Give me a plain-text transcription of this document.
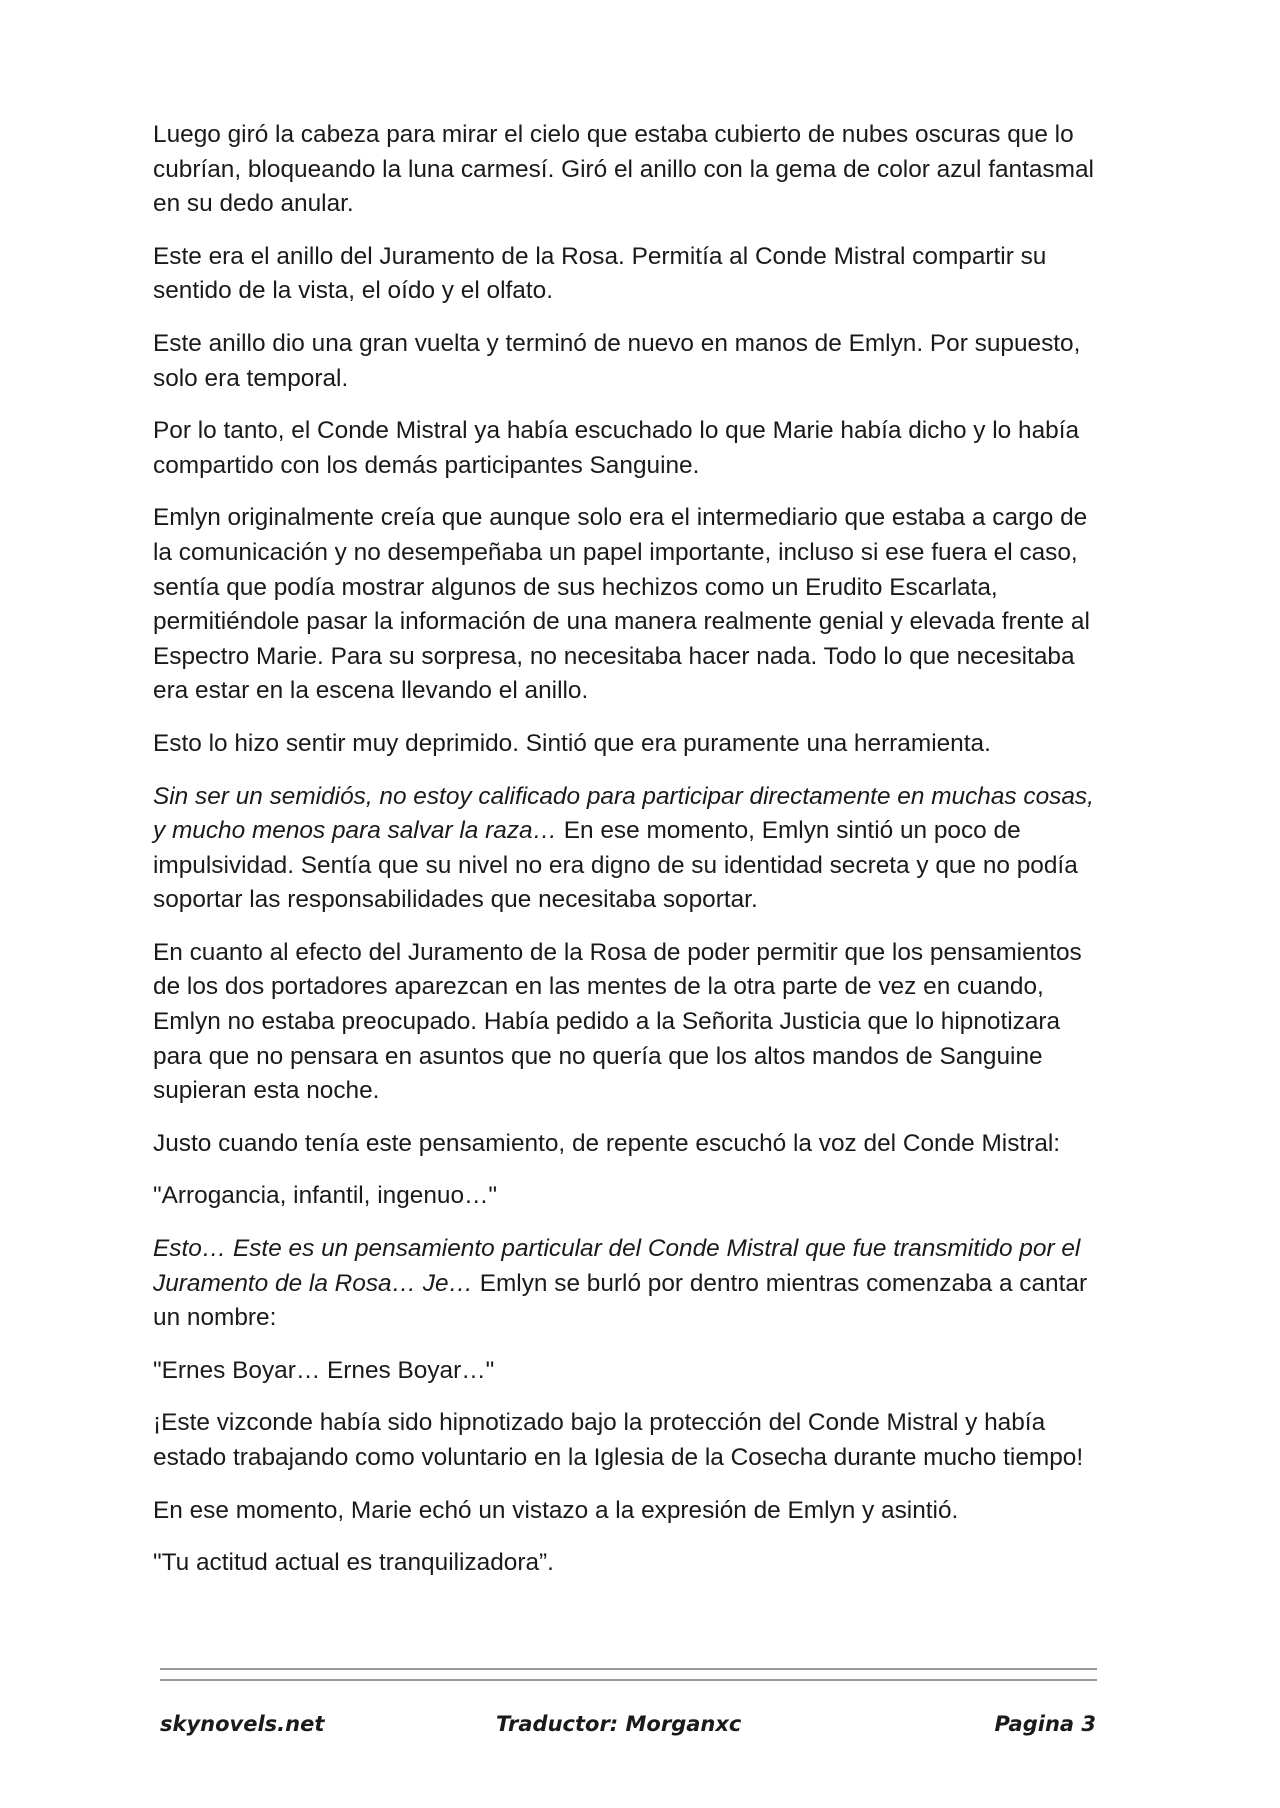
Luego giró la cabeza para mirar el cielo que estaba cubierto de nubes oscuras que lo cubrían, bloqueando la luna carmesí. Giró el anillo con la gema de color azul fantasmal en su dedo anular.

Este era el anillo del Juramento de la Rosa. Permitía al Conde Mistral compartir su sentido de la vista, el oído y el olfato.

Este anillo dio una gran vuelta y terminó de nuevo en manos de Emlyn. Por supuesto, solo era temporal.

Por lo tanto, el Conde Mistral ya había escuchado lo que Marie había dicho y lo había compartido con los demás participantes Sanguine.

Emlyn originalmente creía que aunque solo era el intermediario que estaba a cargo de la comunicación y no desempeñaba un papel importante, incluso si ese fuera el caso, sentía que podía mostrar algunos de sus hechizos como un Erudito Escarlata, permitiéndole pasar la información de una manera realmente genial y elevada frente al Espectro Marie. Para su sorpresa, no necesitaba hacer nada. Todo lo que necesitaba era estar en la escena llevando el anillo.

Esto lo hizo sentir muy deprimido. Sintió que era puramente una herramienta.

Sin ser un semidiós, no estoy calificado para participar directamente en muchas cosas, y mucho menos para salvar la raza… En ese momento, Emlyn sintió un poco de impulsividad. Sentía que su nivel no era digno de su identidad secreta y que no podía soportar las responsabilidades que necesitaba soportar.

En cuanto al efecto del Juramento de la Rosa de poder permitir que los pensamientos de los dos portadores aparezcan en las mentes de la otra parte de vez en cuando, Emlyn no estaba preocupado. Había pedido a la Señorita Justicia que lo hipnotizara para que no pensara en asuntos que no quería que los altos mandos de Sanguine supieran esta noche.

Justo cuando tenía este pensamiento, de repente escuchó la voz del Conde Mistral:

"Arrogancia, infantil, ingenuo…"

Esto… Este es un pensamiento particular del Conde Mistral que fue transmitido por el Juramento de la Rosa… Je… Emlyn se burló por dentro mientras comenzaba a cantar un nombre:

"Ernes Boyar… Ernes Boyar…"

¡Este vizconde había sido hipnotizado bajo la protección del Conde Mistral y había estado trabajando como voluntario en la Iglesia de la Cosecha durante mucho tiempo!

En ese momento, Marie echó un vistazo a la expresión de Emlyn y asintió.

"Tu actitud actual es tranquilizadora”.

skynovels.net	Traductor: Morganxc	Pagina 3
